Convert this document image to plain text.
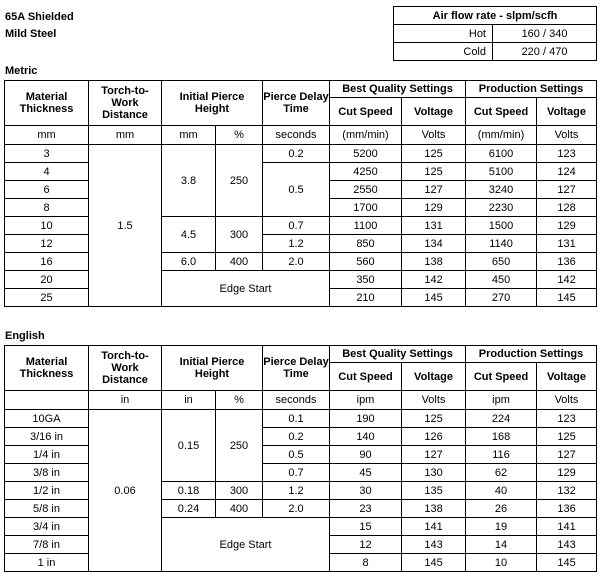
65A Shielded
Mild Steel
Air flow rate - slpm/scfh	
Hot	160 / 340
Cold	220 / 470
Metric
Material Thickness	Torch-to-Work Distance	Initial Pierce Height		Pierce Delay Time	Best Quality Settings		Production Settings	
					Cut Speed	Voltage	Cut Speed	Voltage
mm	mm	mm	%	seconds	(mm/min)	Volts	(mm/min)	Volts
3	1.5	3.8	250	0.2	5200	125	6100	123
4				0.5	4250	125	5100	124
6					2550	127	3240	127
8					1700	129	2230	128
10		4.5	300	0.7	1100	131	1500	129
12				1.2	850	134	1140	131
16		6.0	400	2.0	560	138	650	136
20		Edge Start			350	142	450	142
25					210	145	270	145
English
Material Thickness	Torch-to-Work Distance	Initial Pierce Height		Pierce Delay Time	Best Quality Settings		Production Settings	
					Cut Speed	Voltage	Cut Speed	Voltage
	in	in	%	seconds	ipm	Volts	ipm	Volts
10GA	0.06	0.15	250	0.1	190	125	224	123
3/16 in				0.2	140	126	168	125
1/4 in				0.5	90	127	116	127
3/8 in				0.7	45	130	62	129
1/2 in		0.18	300	1.2	30	135	40	132
5/8 in		0.24	400	2.0	23	138	26	136
3/4 in		Edge Start			15	141	19	141
7/8 in					12	143	14	143
1 in					8	145	10	145
